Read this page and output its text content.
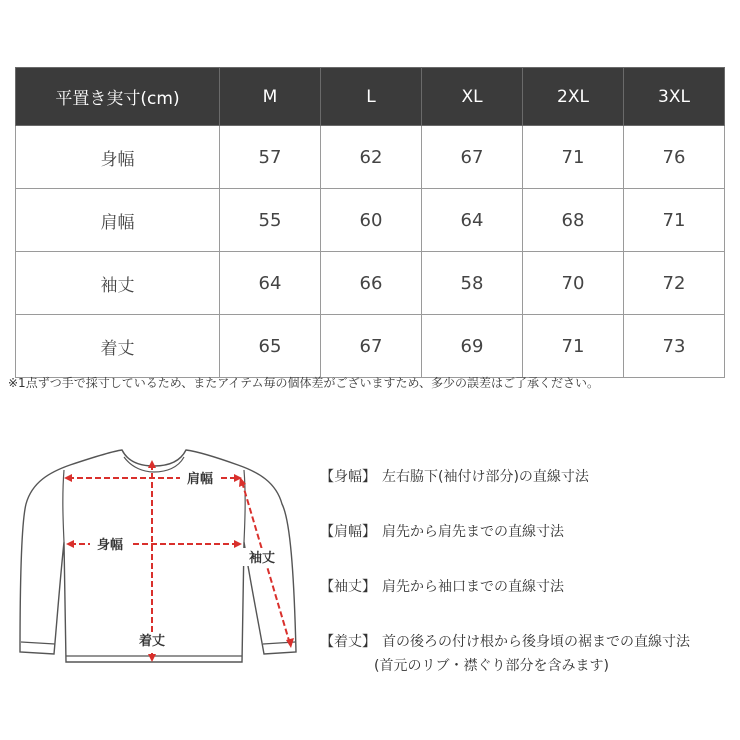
平置き実寸(cm)	M	L	XL	2XL	3XL
身幅	57	62	67	71	76
肩幅	55	60	64	68	71
袖丈	64	66	58	70	72
着丈	65	67	69	71	73
※1点ずつ手で採寸しているため、またアイテム毎の個体差がございますため、多少の誤差はご了承ください。
肩幅
身幅
着丈
袖丈
【身幅】 左右脇下(袖付け部分)の直線寸法
【肩幅】 肩先から肩先までの直線寸法
【袖丈】 肩先から袖口までの直線寸法
【着丈】 首の後ろの付け根から後身頃の裾までの直線寸法
(首元のリブ・襟ぐり部分を含みます)
